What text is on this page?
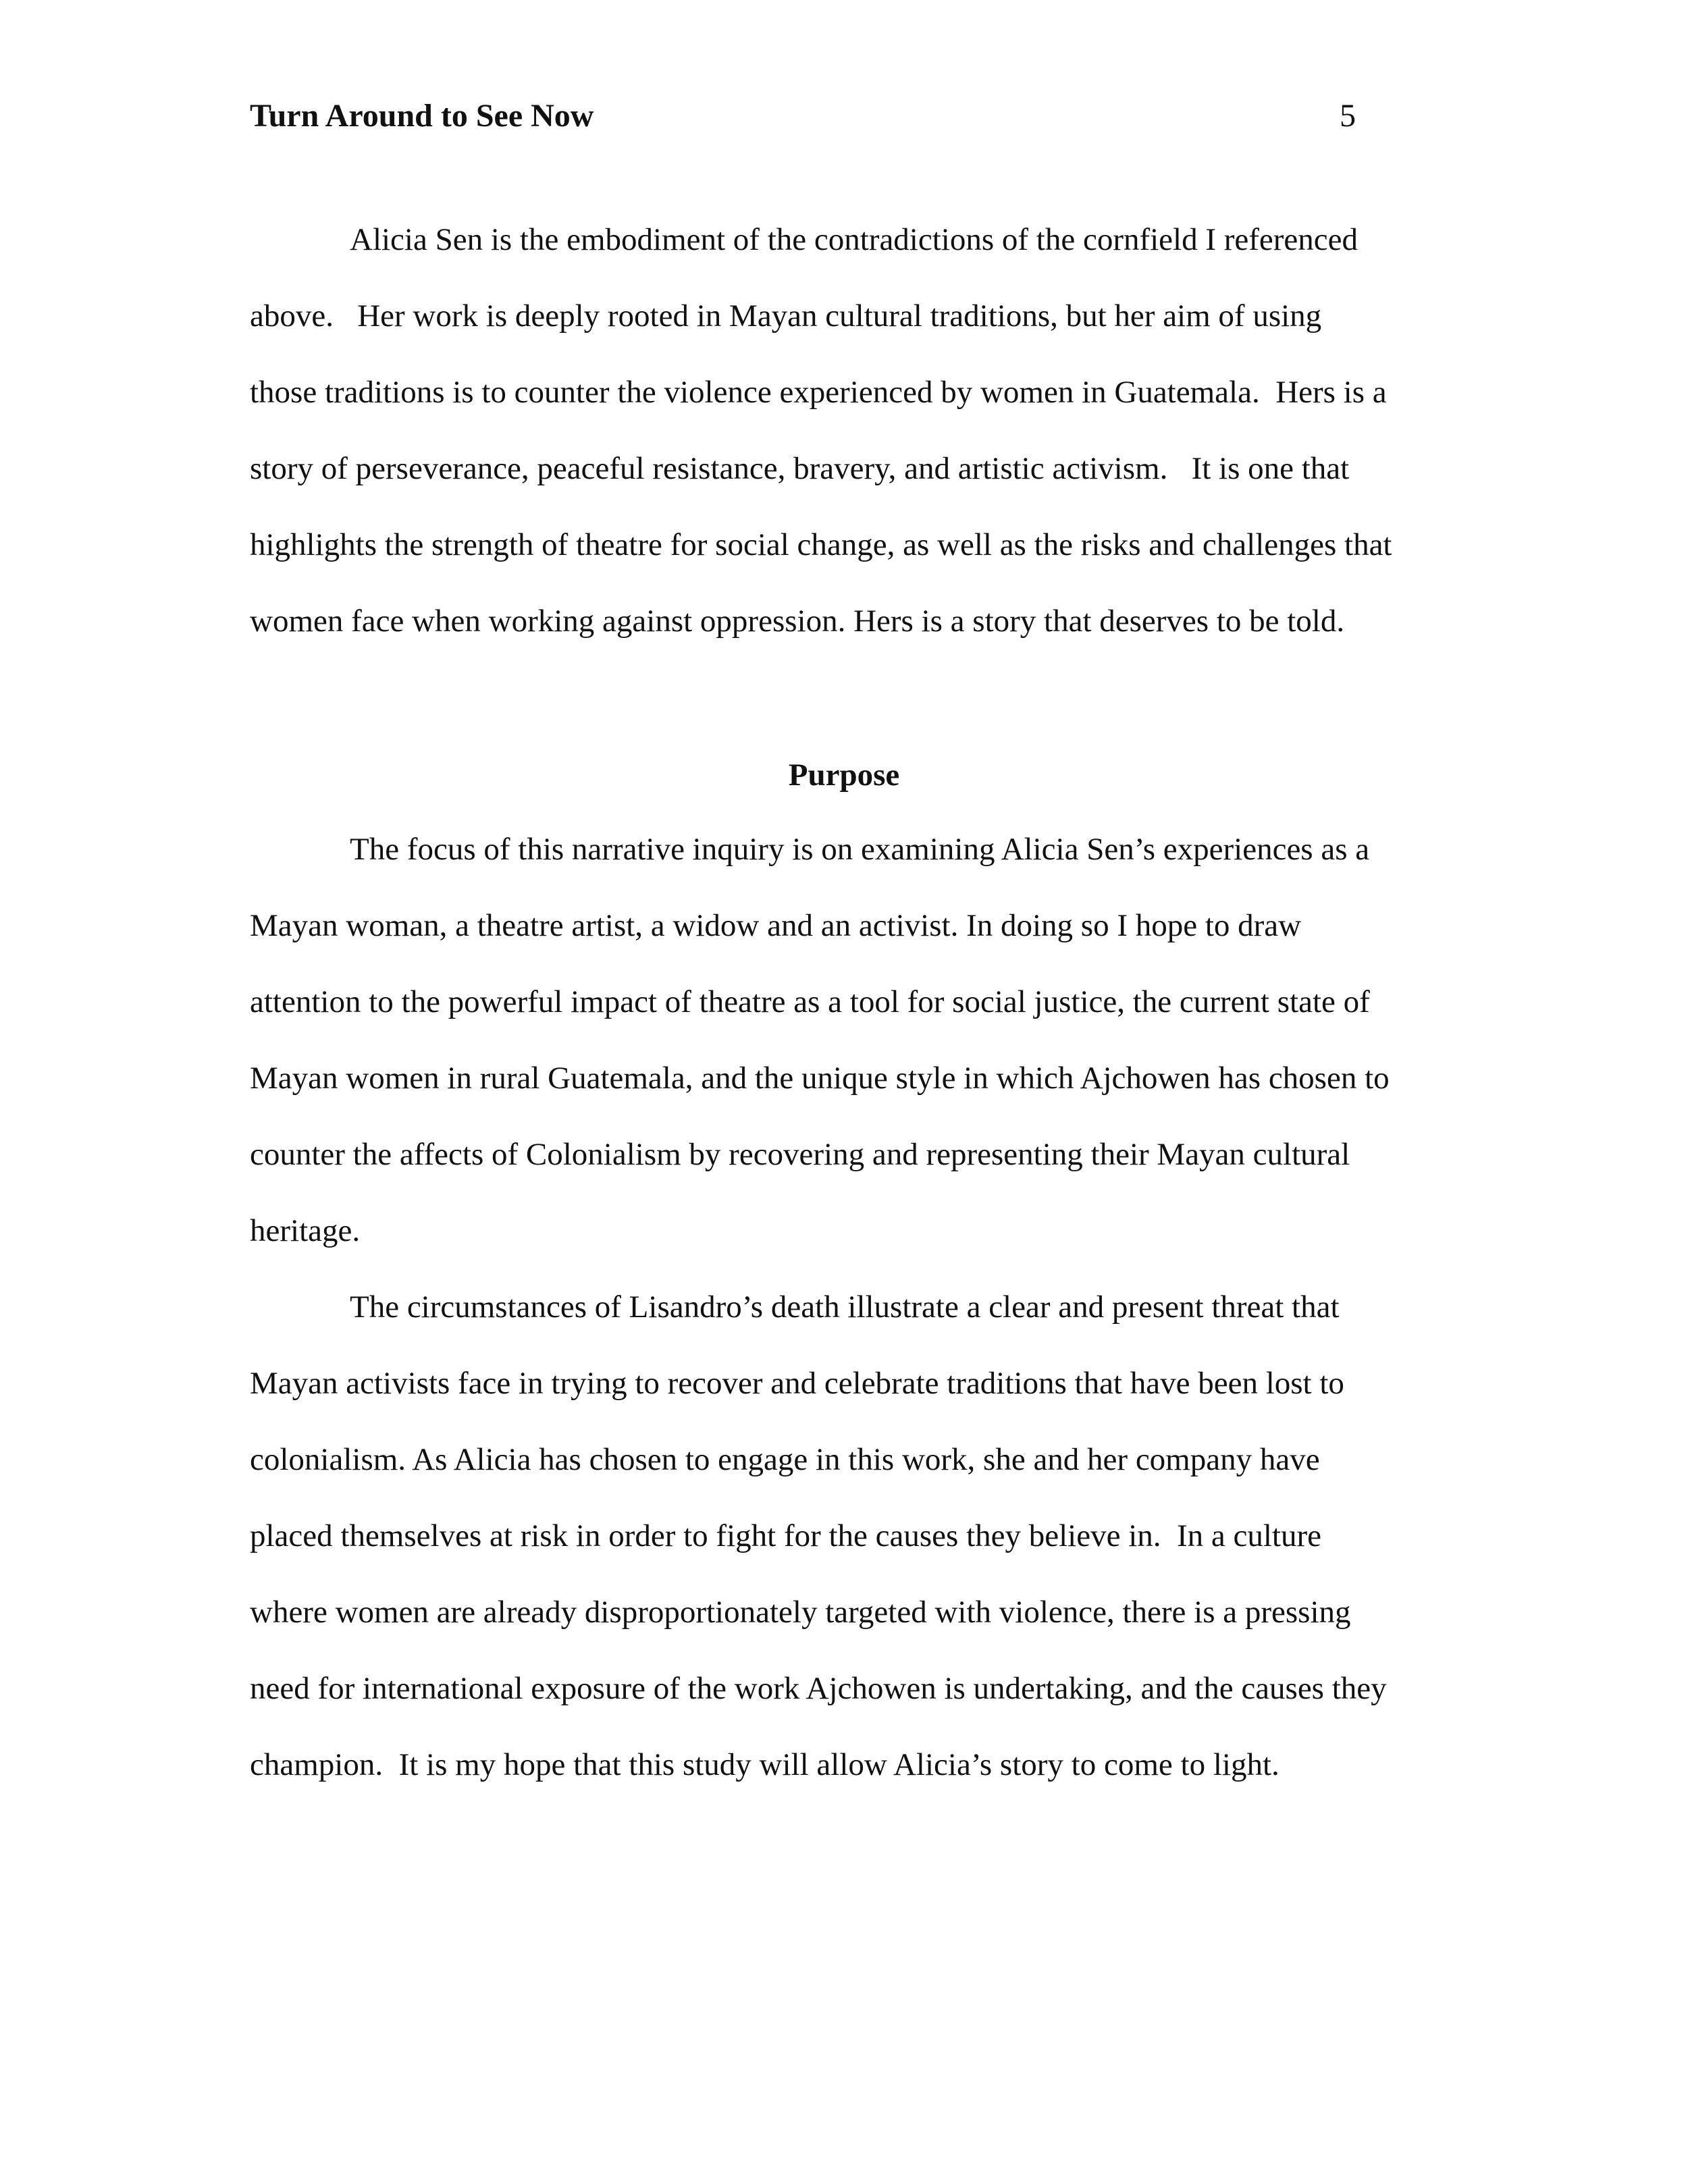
Turn Around to See Now	5
Alicia Sen is the embodiment of the contradictions of the cornfield I referenced
above.   Her work is deeply rooted in Mayan cultural traditions, but her aim of using
those traditions is to counter the violence experienced by women in Guatemala.  Hers is a
story of perseverance, peaceful resistance, bravery, and artistic activism.   It is one that
highlights the strength of theatre for social change, as well as the risks and challenges that
women face when working against oppression. Hers is a story that deserves to be told.
Purpose
The focus of this narrative inquiry is on examining Alicia Sen’s experiences as a
Mayan woman, a theatre artist, a widow and an activist. In doing so I hope to draw
attention to the powerful impact of theatre as a tool for social justice, the current state of
Mayan women in rural Guatemala, and the unique style in which Ajchowen has chosen to
counter the affects of Colonialism by recovering and representing their Mayan cultural
heritage.
The circumstances of Lisandro’s death illustrate a clear and present threat that
Mayan activists face in trying to recover and celebrate traditions that have been lost to
colonialism. As Alicia has chosen to engage in this work, she and her company have
placed themselves at risk in order to fight for the causes they believe in.  In a culture
where women are already disproportionately targeted with violence, there is a pressing
need for international exposure of the work Ajchowen is undertaking, and the causes they
champion.  It is my hope that this study will allow Alicia’s story to come to light.
